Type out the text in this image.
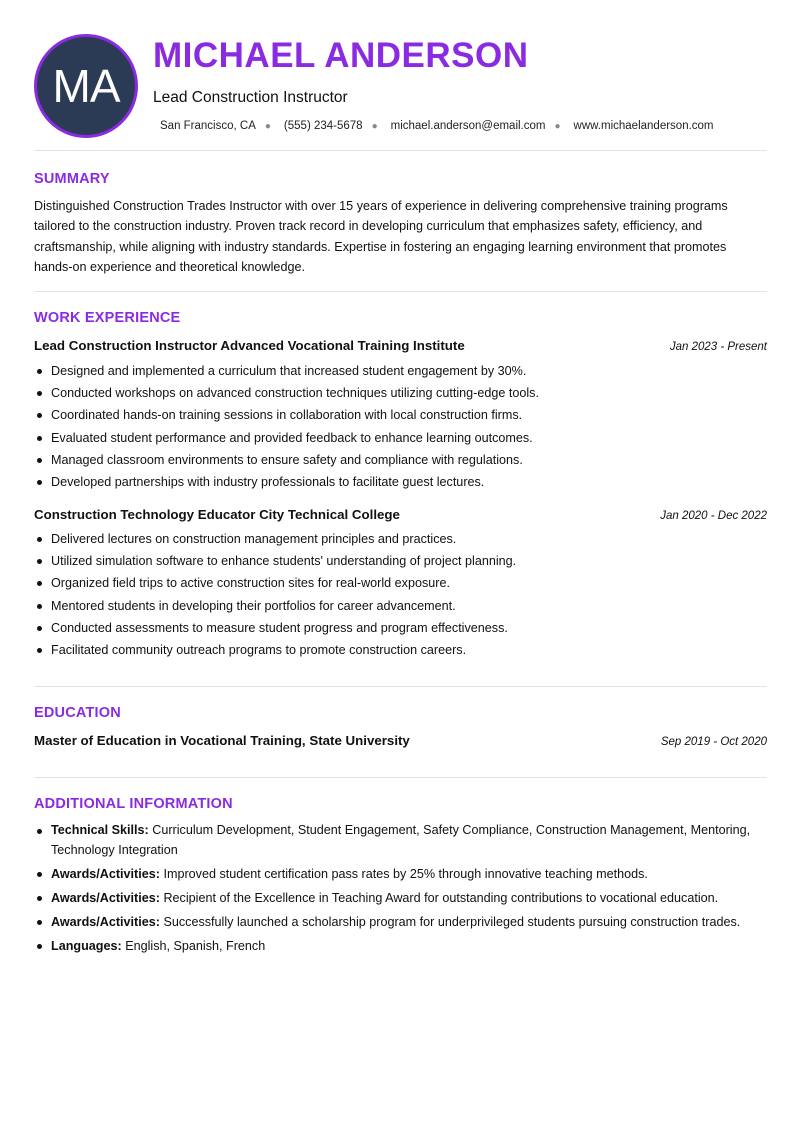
MA
MICHAEL ANDERSON
Lead Construction Instructor
San Francisco, CA ● (555) 234-5678 ● michael.anderson@email.com ● www.michaelanderson.com
SUMMARY
Distinguished Construction Trades Instructor with over 15 years of experience in delivering comprehensive training programs tailored to the construction industry. Proven track record in developing curriculum that emphasizes safety, efficiency, and craftsmanship, while aligning with industry standards. Expertise in fostering an engaging learning environment that promotes hands-on experience and theoretical knowledge.
WORK EXPERIENCE
Lead Construction Instructor Advanced Vocational Training Institute	Jan 2023 - Present
Designed and implemented a curriculum that increased student engagement by 30%.
Conducted workshops on advanced construction techniques utilizing cutting-edge tools.
Coordinated hands-on training sessions in collaboration with local construction firms.
Evaluated student performance and provided feedback to enhance learning outcomes.
Managed classroom environments to ensure safety and compliance with regulations.
Developed partnerships with industry professionals to facilitate guest lectures.
Construction Technology Educator City Technical College	Jan 2020 - Dec 2022
Delivered lectures on construction management principles and practices.
Utilized simulation software to enhance students' understanding of project planning.
Organized field trips to active construction sites for real-world exposure.
Mentored students in developing their portfolios for career advancement.
Conducted assessments to measure student progress and program effectiveness.
Facilitated community outreach programs to promote construction careers.
EDUCATION
Master of Education in Vocational Training, State University	Sep 2019 - Oct 2020
ADDITIONAL INFORMATION
Technical Skills: Curriculum Development, Student Engagement, Safety Compliance, Construction Management, Mentoring, Technology Integration
Awards/Activities: Improved student certification pass rates by 25% through innovative teaching methods.
Awards/Activities: Recipient of the Excellence in Teaching Award for outstanding contributions to vocational education.
Awards/Activities: Successfully launched a scholarship program for underprivileged students pursuing construction trades.
Languages: English, Spanish, French
